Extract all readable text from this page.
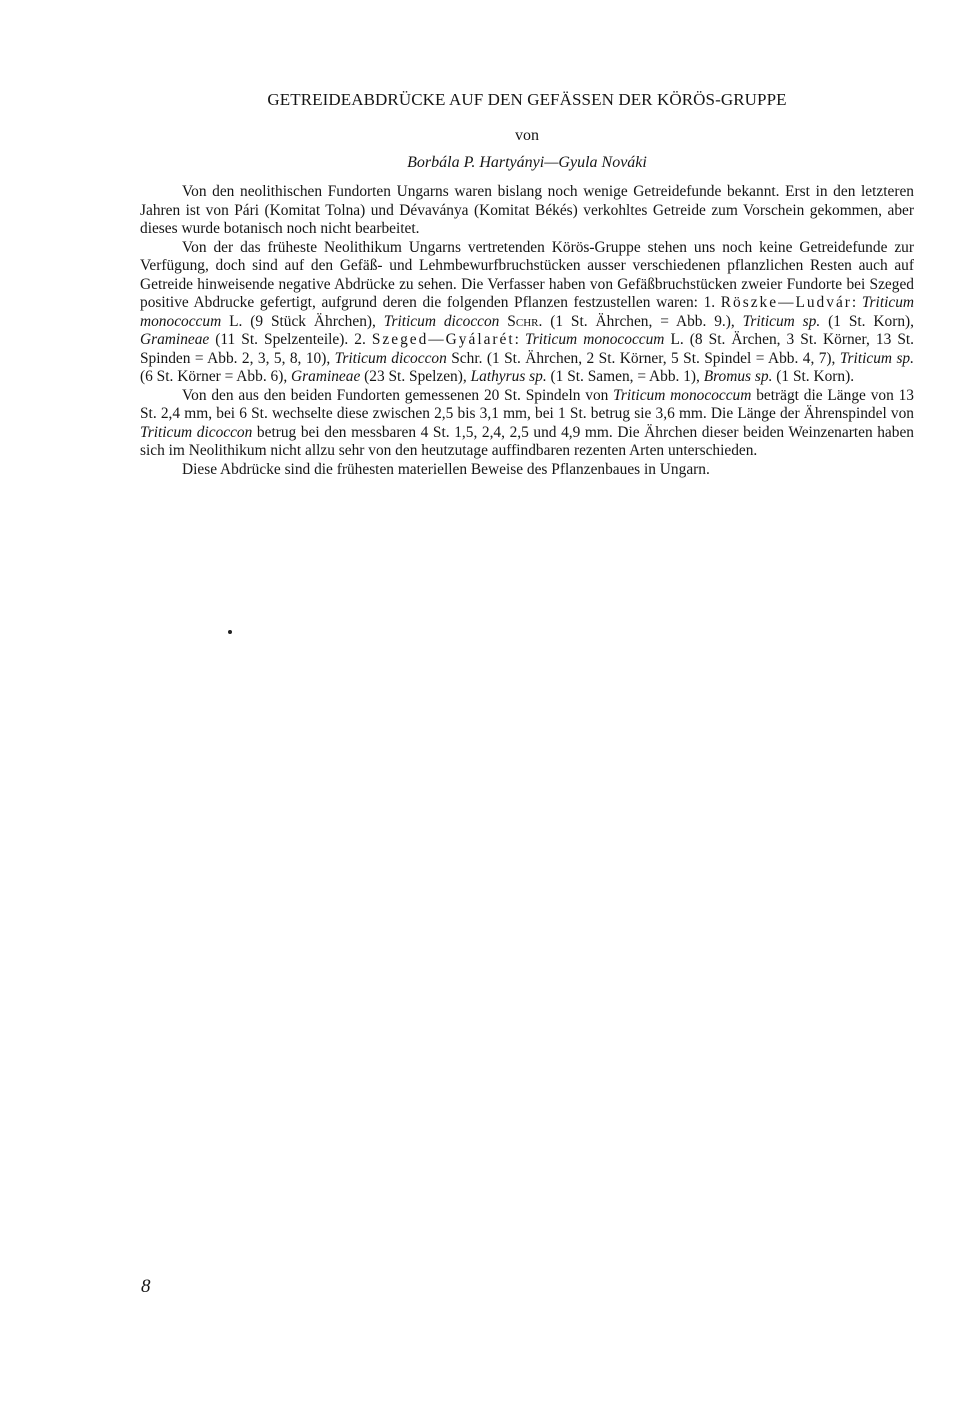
GETREIDEABDRÜCKE AUF DEN GEFÄSSEN DER KÖRÖS-GRUPPE
von
Borbála P. Hartyányi—Gyula Nováki

Von den neolithischen Fundorten Ungarns waren bislang noch wenige Getreidefunde bekannt. Erst in den letzteren Jahren ist von Pári (Komitat Tolna) und Dévaványa (Komitat Békés) verkohltes Getreide zum Vorschein gekommen, aber dieses wurde botanisch noch nicht bearbeitet.

Von der das früheste Neolithikum Ungarns vertretenden Körös-Gruppe stehen uns noch keine Getreidefunde zur Verfügung, doch sind auf den Gefäß- und Lehmbewurfbruchstücken ausser verschiedenen pflanzlichen Resten auch auf Getreide hinweisende negative Abdrücke zu sehen. Die Verfasser haben von Gefäßbruchstücken zweier Fundorte bei Szeged positive Abdrucke gefertigt, aufgrund deren die folgenden Pflanzen festzustellen waren: 1. Röszke—Ludvár: Triticum monococcum L. (9 Stück Ährchen), Triticum dicoccon Schr. (1 St. Ährchen, = Abb. 9.), Triticum sp. (1 St. Korn), Gramineae (11 St. Spelzenteile). 2. Szeged—Gyálarét: Triticum monococcum L. (8 St. Ärchen, 3 St. Körner, 13 St. Spinden = Abb. 2, 3, 5, 8, 10), Triticum dicoccon Schr. (1 St. Ährchen, 2 St. Körner, 5 St. Spindel = Abb. 4, 7), Triticum sp. (6 St. Körner = Abb. 6), Gramineae (23 St. Spelzen), Lathyrus sp. (1 St. Samen, = Abb. 1), Bromus sp. (1 St. Korn).

Von den aus den beiden Fundorten gemessenen 20 St. Spindeln von Triticum monococcum beträgt die Länge von 13 St. 2,4 mm, bei 6 St. wechselte diese zwischen 2,5 bis 3,1 mm, bei 1 St. betrug sie 3,6 mm. Die Länge der Ährenspindel von Triticum dicoccon betrug bei den messbaren 4 St. 1,5, 2,4, 2,5 und 4,9 mm. Die Ährchen dieser beiden Weinzenarten haben sich im Neolithikum nicht allzu sehr von den heutzutage auffindbaren rezenten Arten unterschieden.

Diese Abdrücke sind die frühesten materiellen Beweise des Pflanzenbaues in Ungarn.

8
